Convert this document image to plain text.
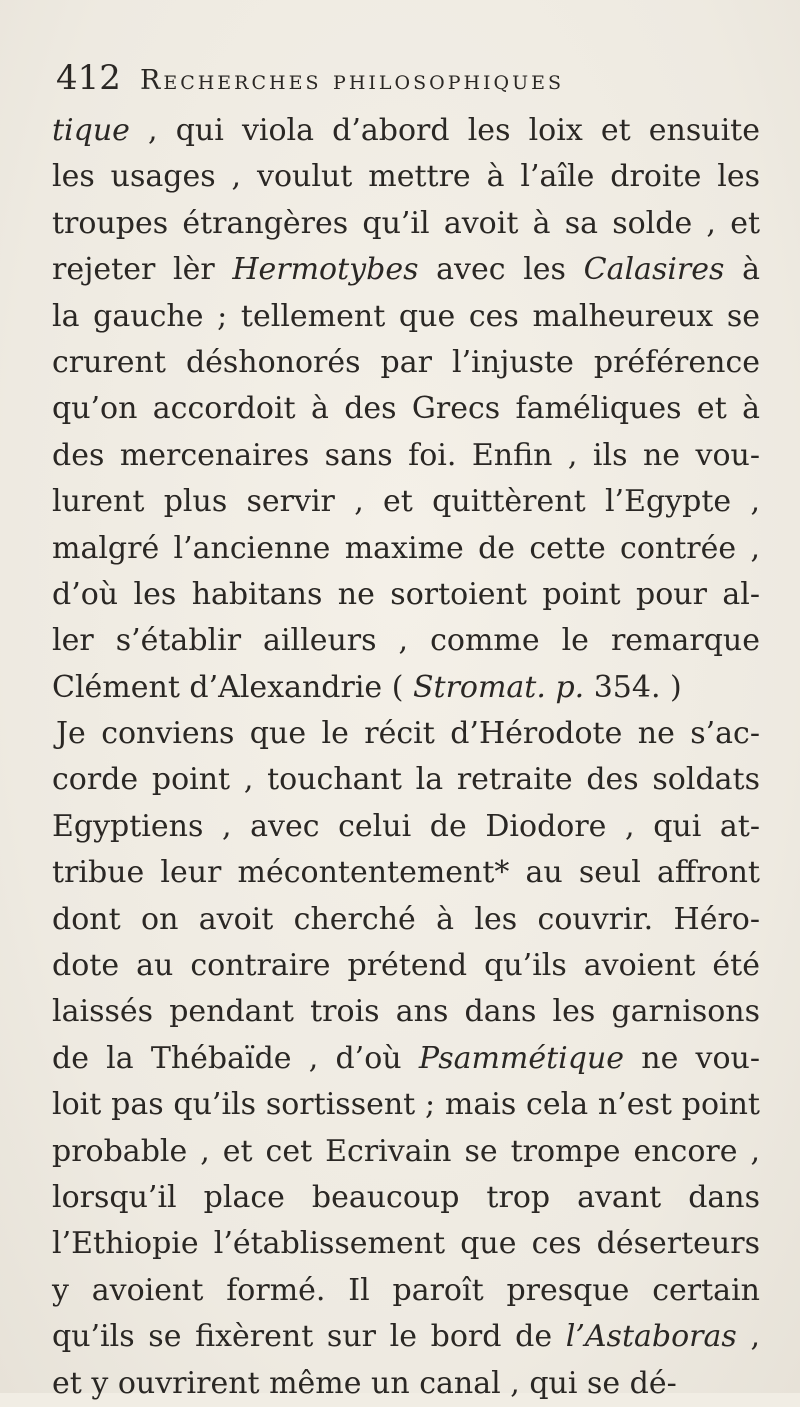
412 Recherches philosophiques
tique , qui viola d’abord les loix et ensuite
les usages , voulut mettre à l’aîle droite les
troupes étrangères qu’il avoit à sa solde , et
rejeter lèr Hermotybes avec les Calasires à
la gauche ; tellement que ces malheureux se
crurent déshonorés par l’injuste préférence
qu’on accordoit à des Grecs faméliques et à
des mercenaires sans foi. Enfin , ils ne vou-
lurent plus servir , et quittèrent l’Egypte ,
malgré l’ancienne maxime de cette contrée ,
d’où les habitans ne sortoient point pour al-
ler s’établir ailleurs , comme le remarque
Clément d’Alexandrie ( Stromat. p. 354. )
Je conviens que le récit d’Hérodote ne s’ac-
corde point , touchant la retraite des soldats
Egyptiens , avec celui de Diodore , qui at-
tribue leur mécontentement* au seul affront
dont on avoit cherché à les couvrir. Héro-
dote au contraire prétend qu’ils avoient été
laissés pendant trois ans dans les garnisons
de la Thébaïde , d’où Psammétique ne vou-
loit pas qu’ils sortissent ; mais cela n’est point
probable , et cet Ecrivain se trompe encore ,
lorsqu’il place beaucoup trop avant dans
l’Ethiopie l’établissement que ces déserteurs
y avoient formé. Il paroît presque certain
qu’ils se fixèrent sur le bord de l’Astaboras ,
et y ouvrirent même un canal , qui se dé-
